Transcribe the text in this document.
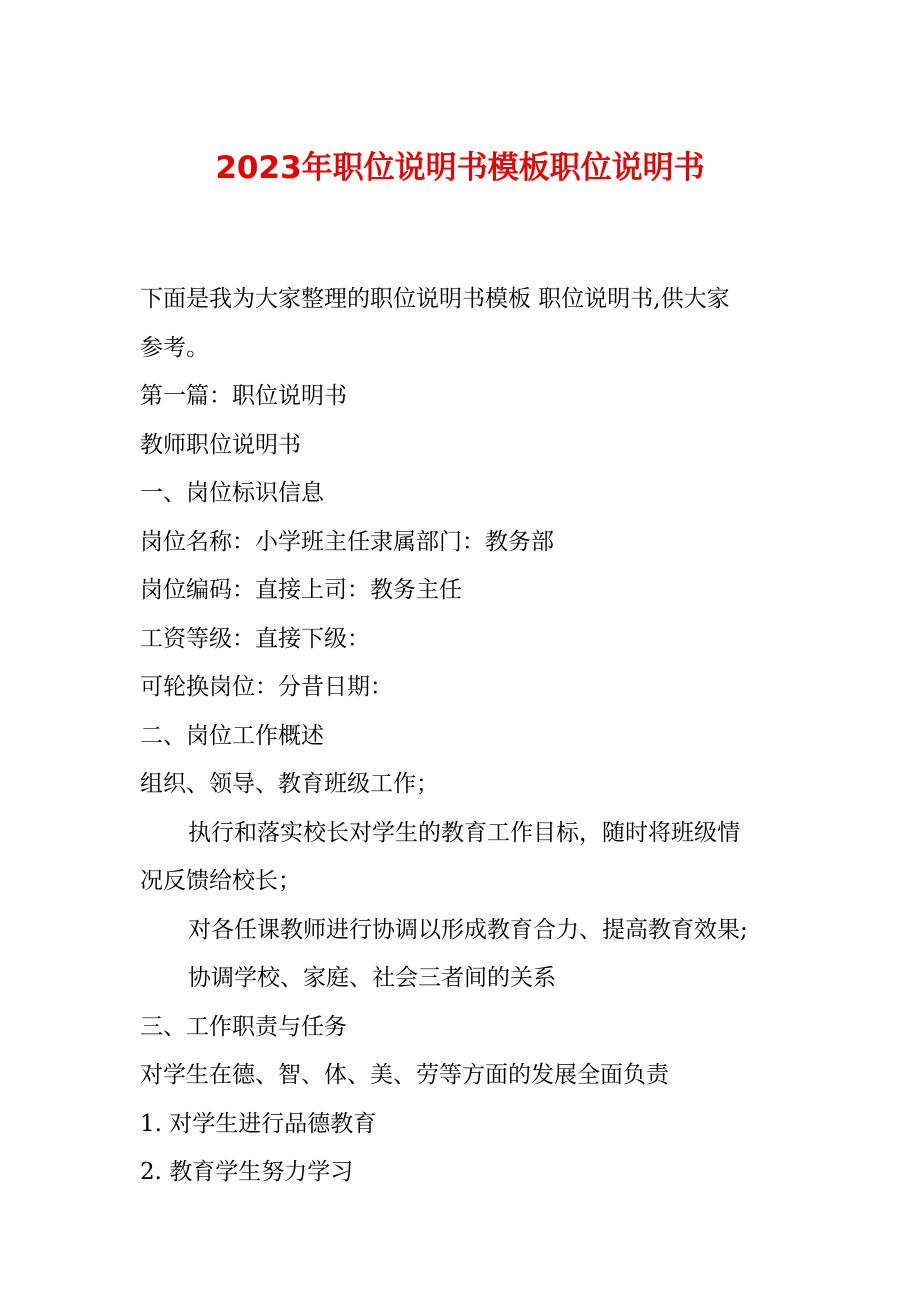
2023年职位说明书模板职位说明书

下面是我为大家整理的职位说明书模板 职位说明书,供大家

参考。

第一篇：职位说明书

教师职位说明书

一、岗位标识信息

岗位名称：小学班主任隶属部门：教务部

岗位编码：直接上司：教务主任

工资等级：直接下级：

可轮换岗位：分昔日期：

二、岗位工作概述

组织、领导、教育班级工作；

执行和落实校长对学生的教育工作目标，随时将班级情

况反馈给校长；

对各任课教师进行协调以形成教育合力、提高教育效果;

协调学校、家庭、社会三者间的关系

三、工作职责与任务

对学生在德、智、体、美、劳等方面的发展全面负责

1. 对学生进行品德教育

2. 教育学生努力学习
